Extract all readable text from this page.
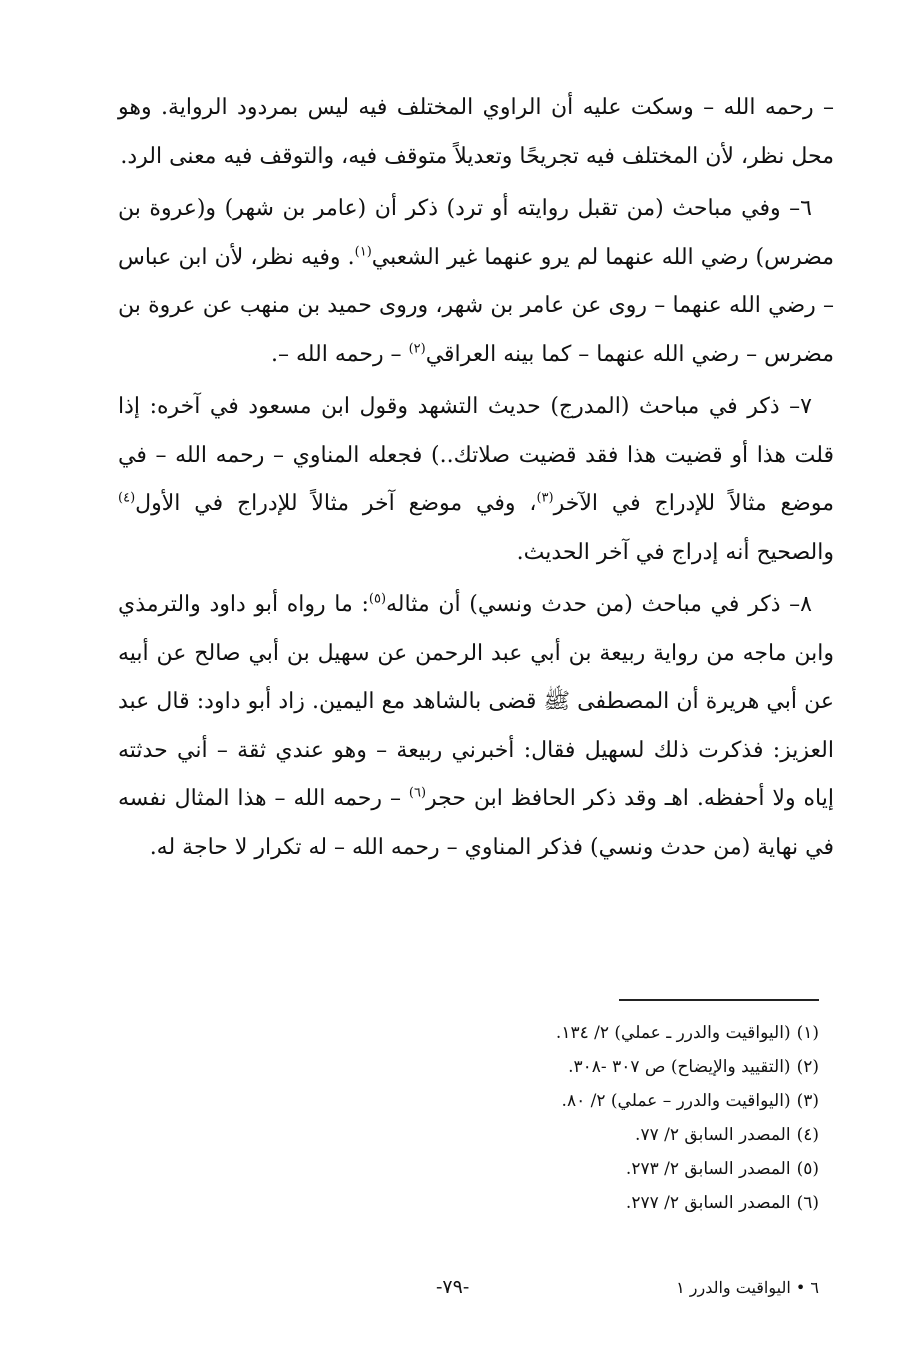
– رحمه الله – وسكت عليه أن الراوي المختلف فيه ليس بمردود الرواية. وهو محل نظر، لأن المختلف فيه تجريحًا وتعديلاً متوقف فيه، والتوقف فيه معنى الرد.

٦– وفي مباحث (من تقبل روايته أو ترد) ذكر أن (عامر بن شهر) و(عروة بن مضرس) رضي الله عنهما لم يرو عنهما غير الشعبي$^{(١)}$. وفيه نظر، لأن ابن عباس – رضي الله عنهما – روى عن عامر بن شهر، وروى حميد بن منهب عن عروة بن مضرس – رضي الله عنهما – كما بينه العراقي$^{(٢)}$ – رحمه الله –.

٧– ذكر في مباحث (المدرج) حديث التشهد وقول ابن مسعود في آخره: إذا قلت هذا أو قضيت هذا فقد قضيت صلاتك..) فجعله المناوي – رحمه الله – في موضع مثالاً للإدراج في الآخر$^{(٣)}$، وفي موضع آخر مثالاً للإدراج في الأول$^{(٤)}$ والصحيح أنه إدراج في آخر الحديث.

٨– ذكر في مباحث (من حدث ونسي) أن مثاله$^{(٥)}$: ما رواه أبو داود والترمذي وابن ماجه من رواية ربيعة بن أبي عبد الرحمن عن سهيل بن أبي صالح عن أبيه عن أبي هريرة أن المصطفى ﷺ قضى بالشاهد مع اليمين. زاد أبو داود: قال عبد العزيز: فذكرت ذلك لسهيل فقال: أخبرني ربيعة – وهو عندي ثقة – أني حدثته إياه ولا أحفظه. اهـ وقد ذكر الحافظ ابن حجر$^{(٦)}$ – رحمه الله – هذا المثال نفسه في نهاية (من حدث ونسي) فذكر المناوي – رحمه الله – له تكرار لا حاجة له.

(١)(اليواقيت والدرر ـ عملي) ٢/ ١٣٤.
(٢)(التقييد والإيضاح) ص ٣٠٧ -٣٠٨.
(٣)(اليواقيت والدرر – عملي) ٢/ ٨٠.
(٤)المصدر السابق ٢/ ٧٧.
(٥)المصدر السابق ٢/ ٢٧٣.
(٦)المصدر السابق ٢/ ٢٧٧.
-٧٩-	٦ • اليواقيت والدرر ١
